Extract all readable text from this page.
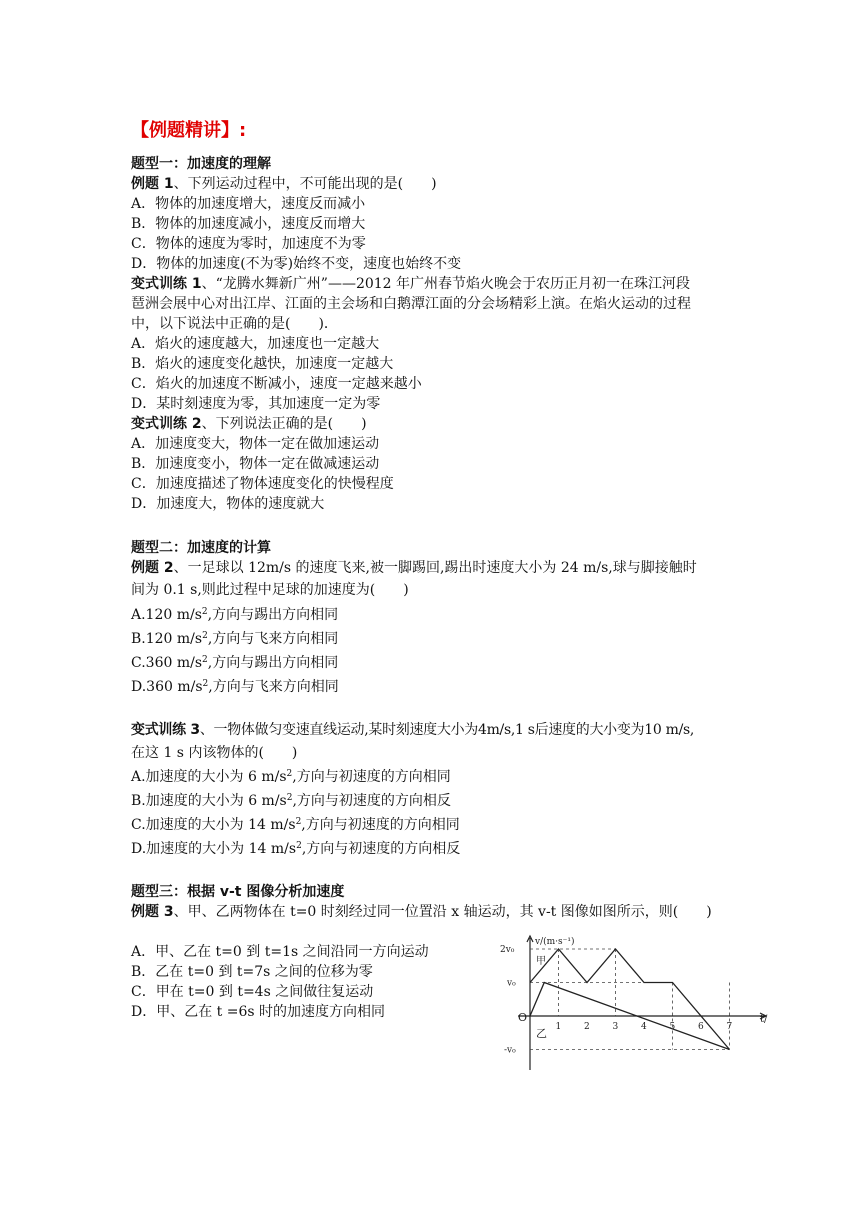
【例题精讲】:
题型一：加速度的理解
例题 1、下列运动过程中，不可能出现的是(　　)
A．物体的加速度增大，速度反而减小
B．物体的加速度减小，速度反而增大
C．物体的速度为零时，加速度不为零
D．物体的加速度(不为零)始终不变，速度也始终不变
变式训练 1、“龙腾水舞新广州”——2012 年广州春节焰火晚会于农历正月初一在珠江河段
琶洲会展中心对出江岸、江面的主会场和白鹅潭江面的分会场精彩上演。在焰火运动的过程
中，以下说法中正确的是(　　)．
A．焰火的速度越大，加速度也一定越大
B．焰火的速度变化越快，加速度一定越大
C．焰火的加速度不断减小，速度一定越来越小
D．某时刻速度为零，其加速度一定为零
变式训练 2、下列说法正确的是(　　)
A．加速度变大，物体一定在做加速运动
B．加速度变小，物体一定在做减速运动
C．加速度描述了物体速度变化的快慢程度
D．加速度大，物体的速度就大
题型二：加速度的计算
例题 2、一足球以 12m/s 的速度飞来,被一脚踢回,踢出时速度大小为 24 m/s,球与脚接触时
间为 0.1 s,则此过程中足球的加速度为(　　)
A.120 $m/s^2$,方向与踢出方向相同
B.120 $m/s^2$,方向与飞来方向相同
C.360 $m/s^2$,方向与踢出方向相同
D.360 $m/s^2$,方向与飞来方向相同
变式训练 3、一物体做匀变速直线运动,某时刻速度大小为4m/s,1 s后速度的大小变为10 m/s,
在这 1 s 内该物体的(　　)
A.加速度的大小为 6 $m/s^2$,方向与初速度的方向相同
B.加速度的大小为 6 $m/s^2$,方向与初速度的方向相反
C.加速度的大小为 14 $m/s^2$,方向与初速度的方向相同
D.加速度的大小为 14 $m/s^2$,方向与初速度的方向相反
题型三：根据 v-t 图像分析加速度
例题 3、甲、乙两物体在 t=0 时刻经过同一位置沿 x 轴运动，其 v-t 图像如图所示，则(　　)
A．甲、乙在 t=0 到 t=1s 之间沿同一方向运动
B．乙在 t=0 到 t=7s 之间的位移为零
C．甲在 t=0 到 t=4s 之间做往复运动
D．甲、乙在 t =6s 时的加速度方向相同
v/(m·s⁻¹)
t/
O
2v₀
v₀
-v₀
1	2	3	4	5	6	7
甲
乙
